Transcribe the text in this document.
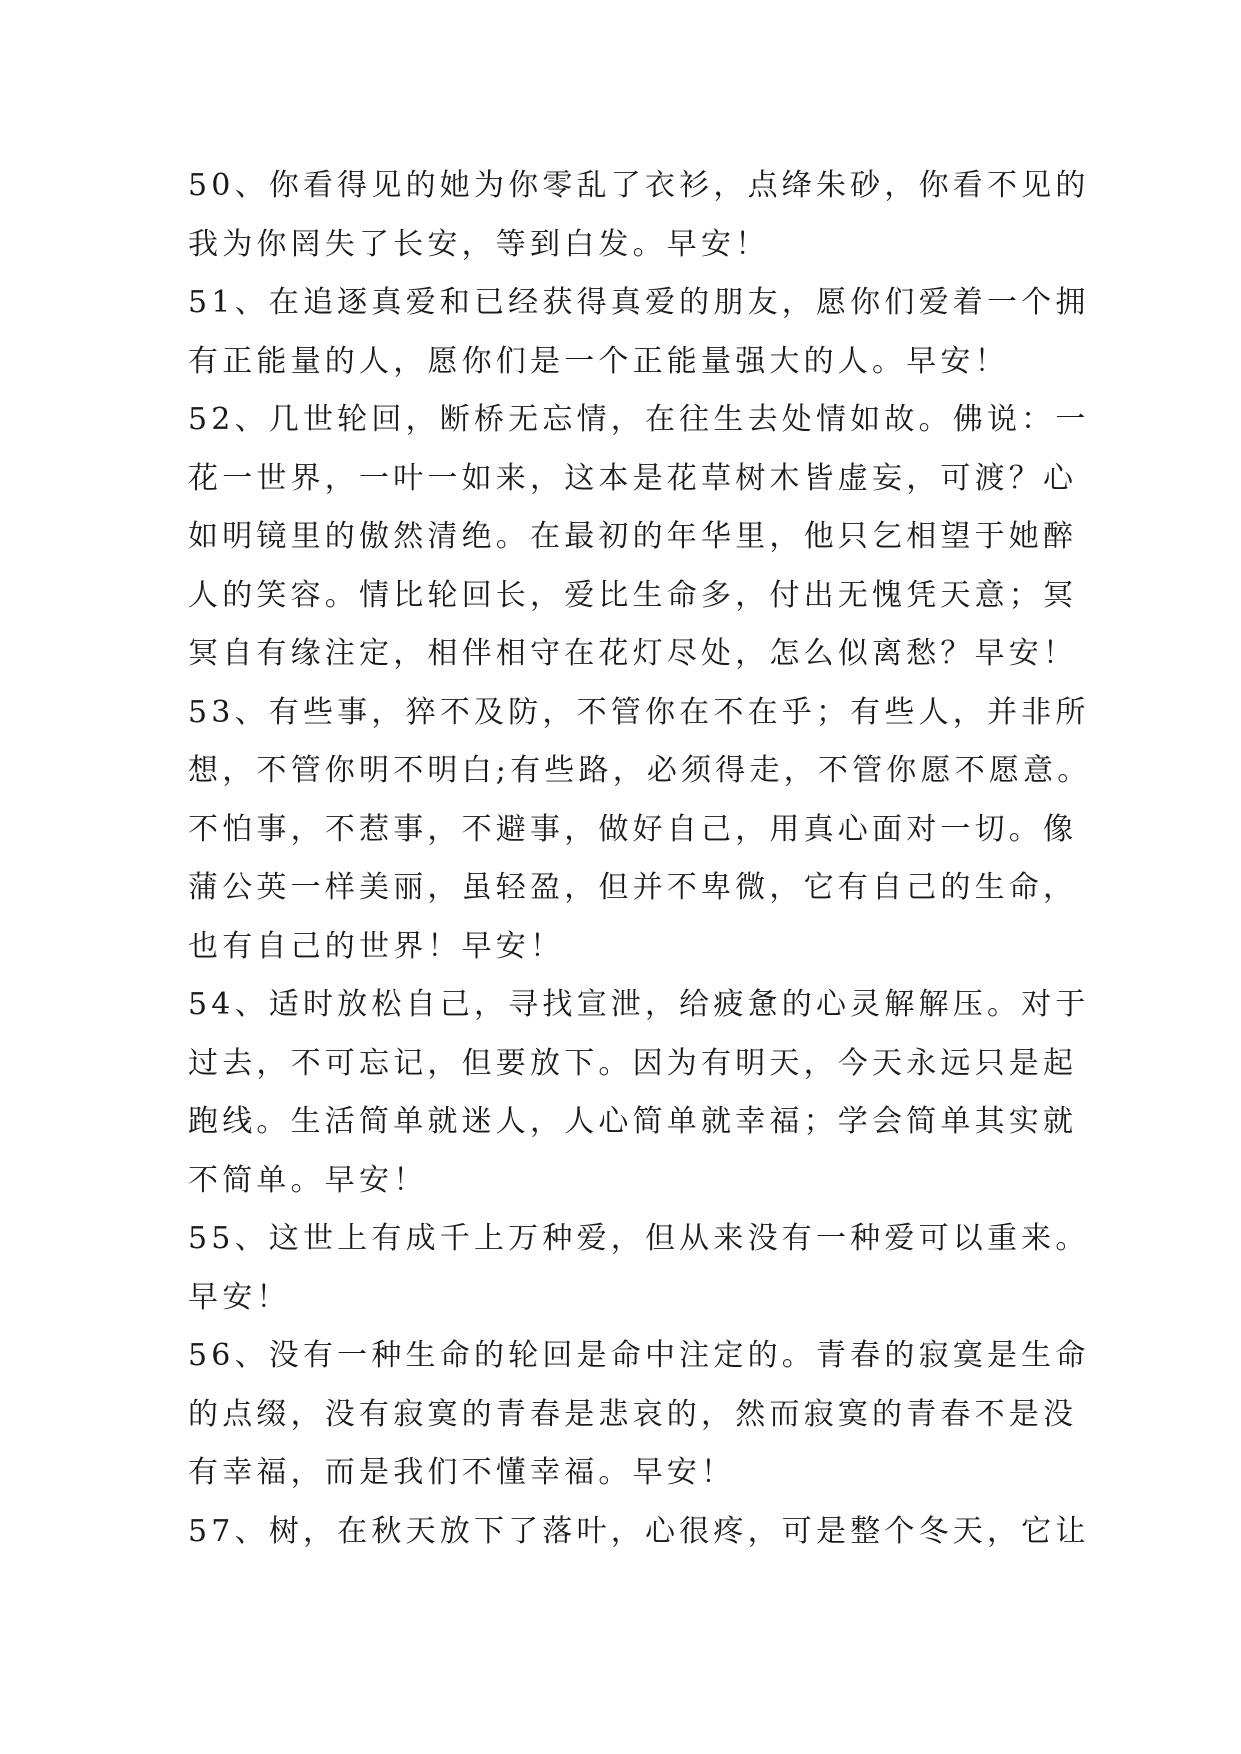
50、你看得见的她为你零乱了衣衫，点绛朱砂，你看不见的
我为你罔失了长安，等到白发。早安！
51、在追逐真爱和已经获得真爱的朋友，愿你们爱着一个拥
有正能量的人，愿你们是一个正能量强大的人。早安！
52、几世轮回，断桥无忘情，在往生去处情如故。佛说：一
花一世界，一叶一如来，这本是花草树木皆虚妄，可渡？心
如明镜里的傲然清绝。在最初的年华里，他只乞相望于她醉
人的笑容。情比轮回长，爱比生命多，付出无愧凭天意；冥
冥自有缘注定，相伴相守在花灯尽处，怎么似离愁？早安！
53、有些事，猝不及防，不管你在不在乎；有些人，并非所
想，不管你明不明白;有些路，必须得走，不管你愿不愿意。
不怕事，不惹事，不避事，做好自己，用真心面对一切。像
蒲公英一样美丽，虽轻盈，但并不卑微，它有自己的生命，
也有自己的世界！早安！
54、适时放松自己，寻找宣泄，给疲惫的心灵解解压。对于
过去，不可忘记，但要放下。因为有明天，今天永远只是起
跑线。生活简单就迷人，人心简单就幸福；学会简单其实就
不简单。早安！
55、这世上有成千上万种爱，但从来没有一种爱可以重来。
早安！
56、没有一种生命的轮回是命中注定的。青春的寂寞是生命
的点缀，没有寂寞的青春是悲哀的，然而寂寞的青春不是没
有幸福，而是我们不懂幸福。早安！
57、树，在秋天放下了落叶，心很疼，可是整个冬天，它让
